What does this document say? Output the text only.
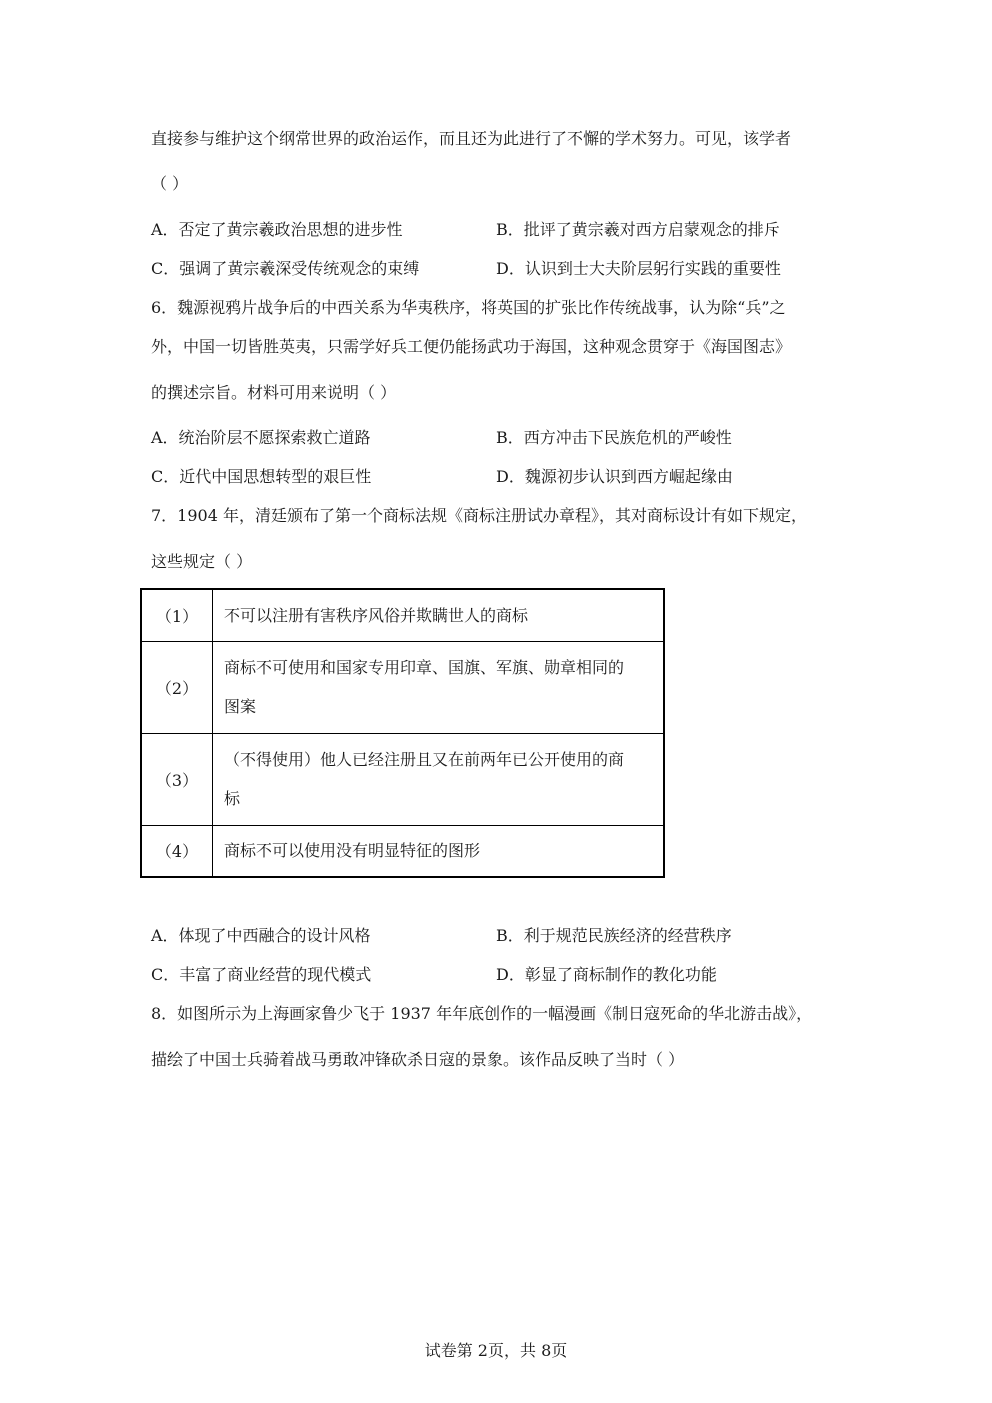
直接参与维护这个纲常世界的政治运作，而且还为此进行了不懈的学术努力。可见，该学者
（ ）
A．否定了黄宗羲政治思想的进步性	B．批评了黄宗羲对西方启蒙观念的排斥
C．强调了黄宗羲深受传统观念的束缚	D．认识到士大夫阶层躬行实践的重要性
6．魏源视鸦片战争后的中西关系为华夷秩序，将英国的扩张比作传统战事，认为除“兵”之
外，中国一切皆胜英夷，只需学好兵工便仍能扬武功于海国，这种观念贯穿于《海国图志》
的撰述宗旨。材料可用来说明（ ）
A．统治阶层不愿探索救亡道路	B．西方冲击下民族危机的严峻性
C．近代中国思想转型的艰巨性	D．魏源初步认识到西方崛起缘由
7．1904 年，清廷颁布了第一个商标法规《商标注册试办章程》，其对商标设计有如下规定，
这些规定（ ）
（1）	不可以注册有害秩序风俗并欺瞒世人的商标

（2）	商标不可使用和国家专用印章、国旗、军旗、勋章相同的
图案

（3）	（不得使用）他人已经注册且又在前两年已公开使用的商
标

（4）	商标不可以使用没有明显特征的图形
A．体现了中西融合的设计风格	B．利于规范民族经济的经营秩序
C．丰富了商业经营的现代模式	D．彰显了商标制作的教化功能
8．如图所示为上海画家鲁少飞于 1937 年年底创作的一幅漫画《制日寇死命的华北游击战》，
描绘了中国士兵骑着战马勇敢冲锋砍杀日寇的景象。该作品反映了当时（ ）
试卷第 2页，共 8页
